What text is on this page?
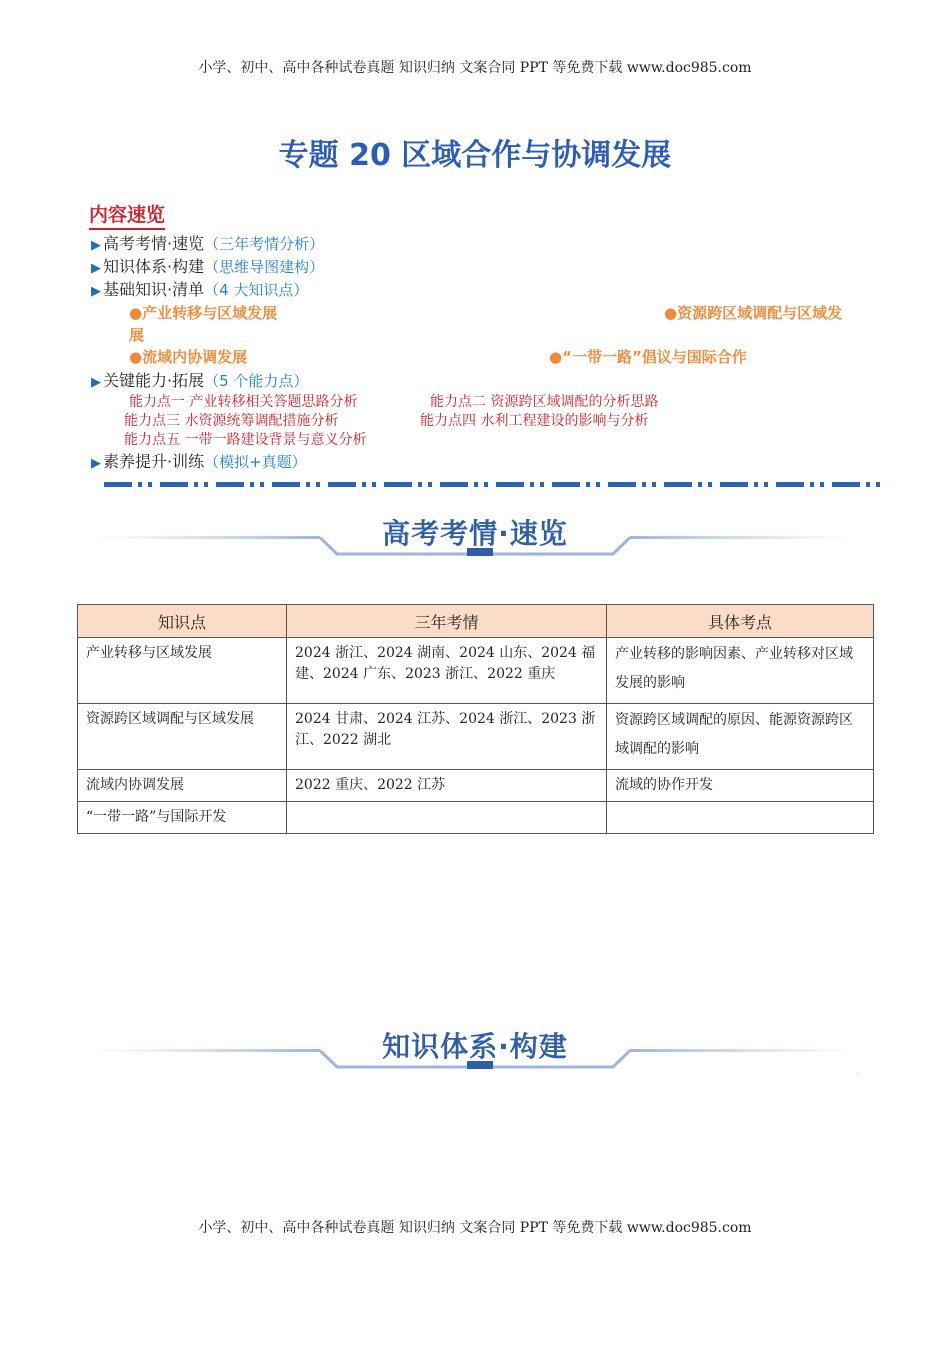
小学、初中、高中各种试卷真题 知识归纳 文案合同 PPT 等免费下载 www.doc985.com
专题 20 区域合作与协调发展
内容速览
▶ 高考考情·速览（三年考情分析）
▶ 知识体系·构建（思维导图建构）
▶ 基础知识·清单（4 大知识点）
●产业转移与区域发展	●资源跨区域调配与区域发
展
●流域内协调发展	●“一带一路”倡议与国际合作
▶ 关键能力·拓展（5 个能力点）
能力点一 产业转移相关答题思路分析	能力点二 资源跨区域调配的分析思路
能力点三 水资源统筹调配措施分析	能力点四 水利工程建设的影响与分析
能力点五 一带一路建设背景与意义分析
▶ 素养提升·训练（模拟+真题）
高考考情·速览
知识点	三年考情	具体考点
产业转移与区域发展	2024 浙江、2024 湖南、2024 山东、2024 福建、2024 广东、2023 浙江、2022 重庆	产业转移的影响因素、产业转移对区域发展的影响
资源跨区域调配与区域发展	2024 甘肃、2024 江苏、2024 浙江、2023 浙江、2022 湖北	资源跨区域调配的原因、能源资源跨区域调配的影响
流域内协调发展	2022 重庆、2022 江苏	流域的协作开发
“一带一路”与国际开发		
知识体系·构建
·
小学、初中、高中各种试卷真题 知识归纳 文案合同 PPT 等免费下载 www.doc985.com
